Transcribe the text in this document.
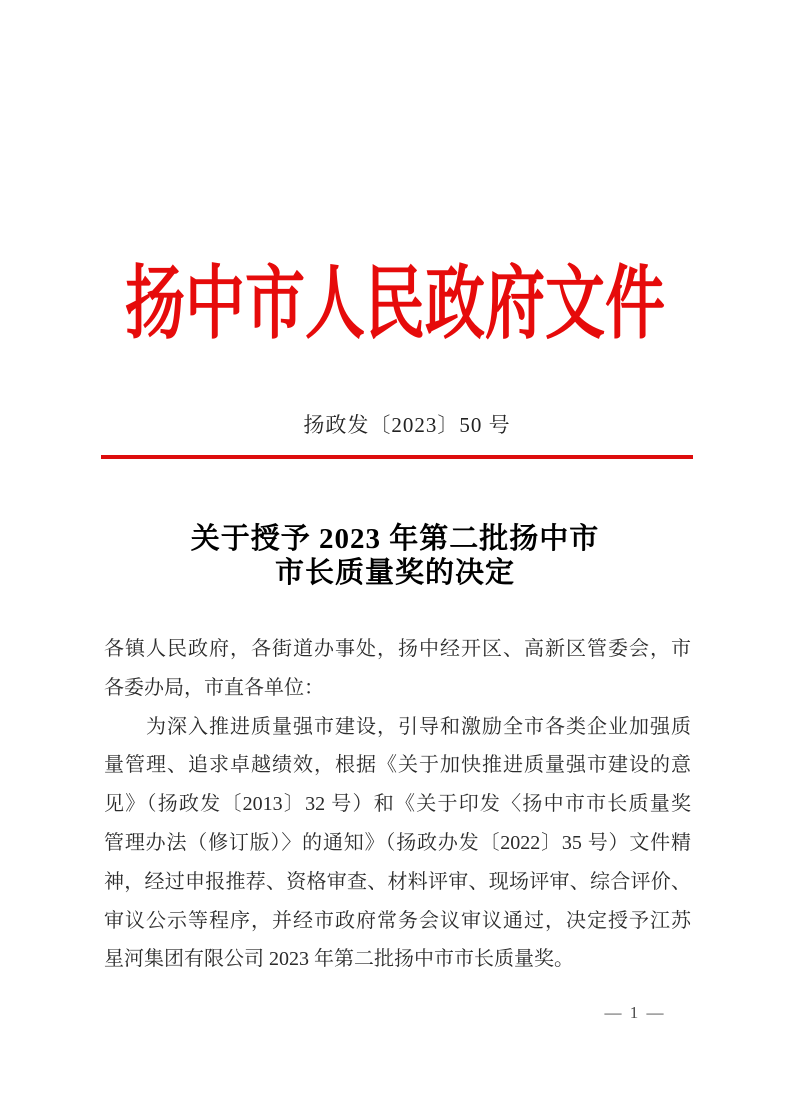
扬中市人民政府文件
扬政发〔2023〕50 号
关于授予 2023 年第二批扬中市
市长质量奖的决定
各镇人民政府，各街道办事处，扬中经开区、高新区管委会，市
各委办局，市直各单位：
为深入推进质量强市建设，引导和激励全市各类企业加强质
量管理、追求卓越绩效，根据《关于加快推进质量强市建设的意
见》（扬政发〔2013〕32 号）和《关于印发〈扬中市市长质量奖
管理办法（修订版）〉的通知》（扬政办发〔2022〕35 号）文件精
神，经过申报推荐、资格审查、材料评审、现场评审、综合评价、
审议公示等程序，并经市政府常务会议审议通过，决定授予江苏
星河集团有限公司 2023 年第二批扬中市市长质量奖。
— 1 —
